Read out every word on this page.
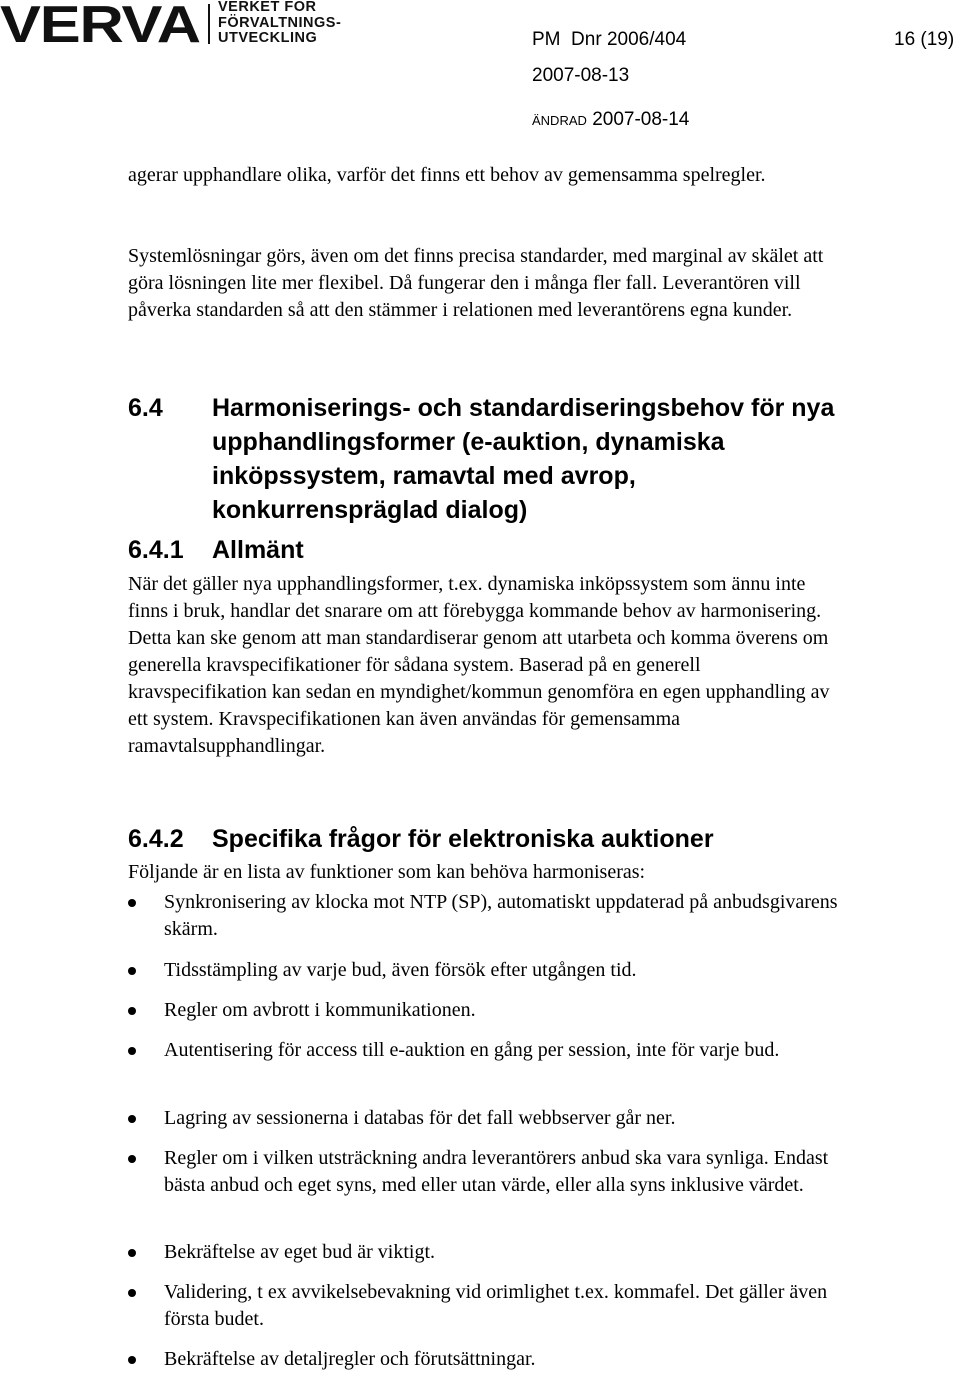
VERVA VERKET FÖR
FÖRVALTNINGS-
UTVECKLING	PM  Dnr 2006/404	16 (19)
2007-08-13
ÄNDRAD 2007-08-14

agerar upphandlare olika, varför det finns ett behov av gemensamma spelregler.

Systemlösningar görs, även om det finns precisa standarder, med marginal av skälet att göra lösningen lite mer flexibel. Då fungerar den i många fler fall. Leverantören vill påverka standarden så att den stämmer i relationen med leverantörens egna kunder.

6.4 Harmoniserings- och standardiseringsbehov för nya upphandlingsformer (e-auktion, dynamiska inköpssystem, ramavtal med avrop, konkurrenspräglad dialog)

6.4.1 Allmänt

När det gäller nya upphandlingsformer, t.ex. dynamiska inköpssystem som ännu inte finns i bruk, handlar det snarare om att förebygga kommande behov av harmonisering. Detta kan ske genom att man standardiserar genom att utarbeta och komma överens om generella kravspecifikationer för sådana system. Baserad på en generell kravspecifikation kan sedan en myndighet/kommun genomföra en egen upphandling av ett system. Kravspecifikationen kan även användas för gemensamma ramavtalsupphandlingar.

6.4.2 Specifika frågor för elektroniska auktioner

Följande är en lista av funktioner som kan behöva harmoniseras:

Synkronisering av klocka mot NTP (SP), automatiskt uppdaterad på anbudsgivarens skärm.
Tidsstämpling av varje bud, även försök efter utgången tid.
Regler om avbrott i kommunikationen.
Autentisering för access till e-auktion en gång per session, inte för varje bud.
Lagring av sessionerna i databas för det fall webbserver går ner.
Regler om i vilken utsträckning andra leverantörers anbud ska vara synliga. Endast bästa anbud och eget syns, med eller utan värde, eller alla syns inklusive värdet.
Bekräftelse av eget bud är viktigt.
Validering, t ex avvikelsebevakning vid orimlighet t.ex. kommafel. Det gäller även första budet.
Bekräftelse av detaljregler och förutsättningar.
